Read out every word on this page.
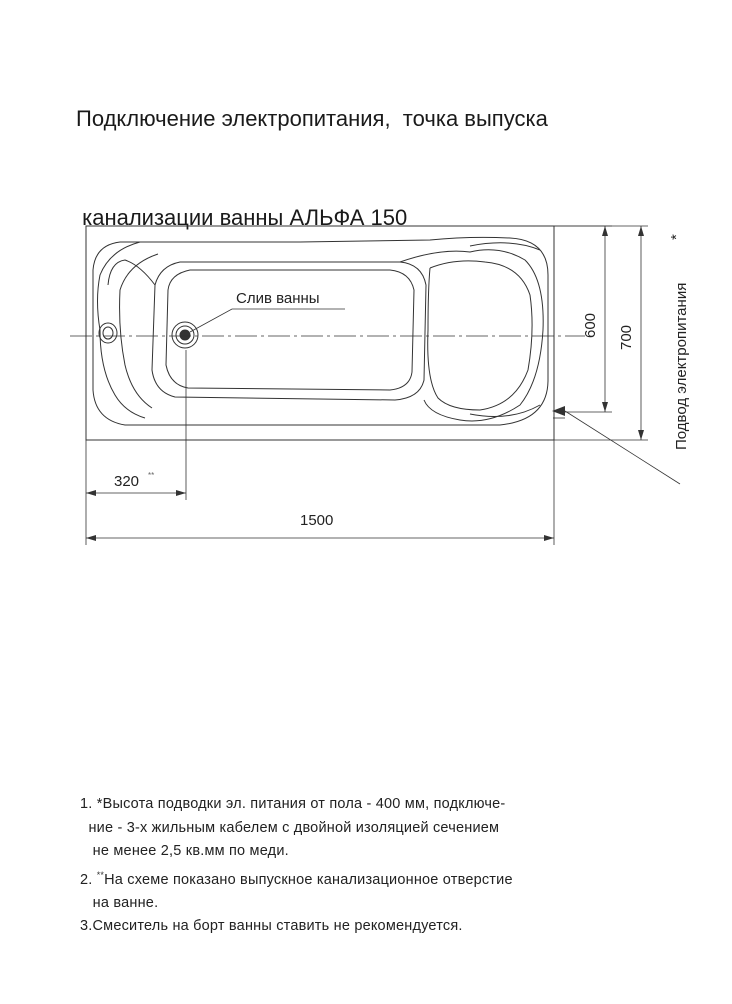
Подключение электропитания,  точка выпуска

канализации ванны АЛЬФА 150

Слив ванны
600 700	Подвод электропитания
*
320 **
1500
1. *Высота подводки эл. питания от пола - 400 мм, подключе-
ние - 3-х жильным кабелем с двойной изоляцией сечением
не менее 2,5 кв.мм по меди.
2. **На схеме показано выпускное канализационное отверстие
на ванне.
3.Смеситель на борт ванны ставить не рекомендуется.
